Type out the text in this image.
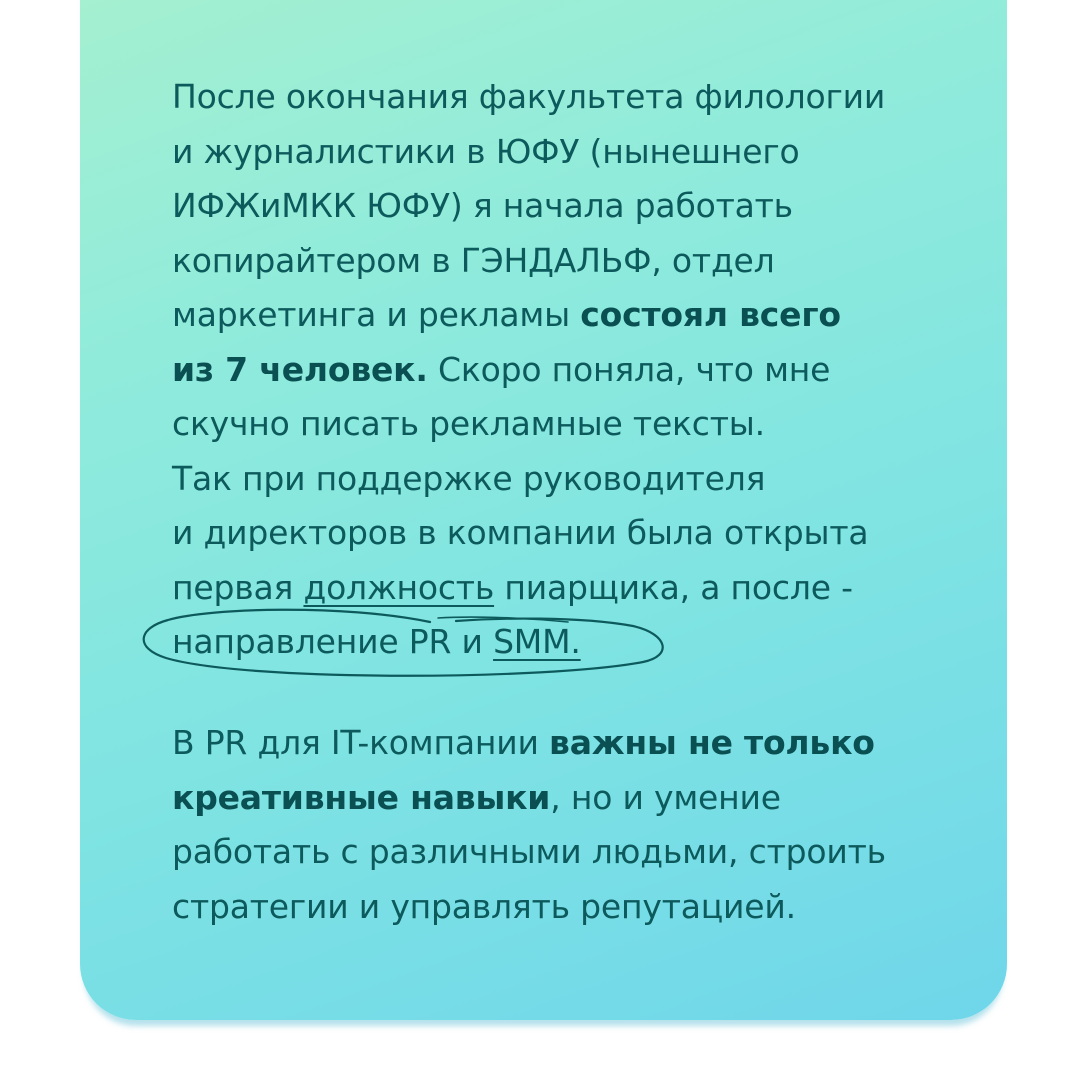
После окончания факультета филологии
и журналистики в ЮФУ (нынешнего
ИФЖиМКК ЮФУ) я начала работать
копирайтером в ГЭНДАЛЬФ, отдел
маркетинга и рекламы состоял всего
из 7 человек. Скоро поняла, что мне
скучно писать рекламные тексты.
Так при поддержке руководителя
и директоров в компании была открыта
первая должность пиарщика, а после -
направление PR и SMM.
В PR для IT-компании важны не только
креативные навыки, но и умение
работать с различными людьми, строить
стратегии и управлять репутацией.
